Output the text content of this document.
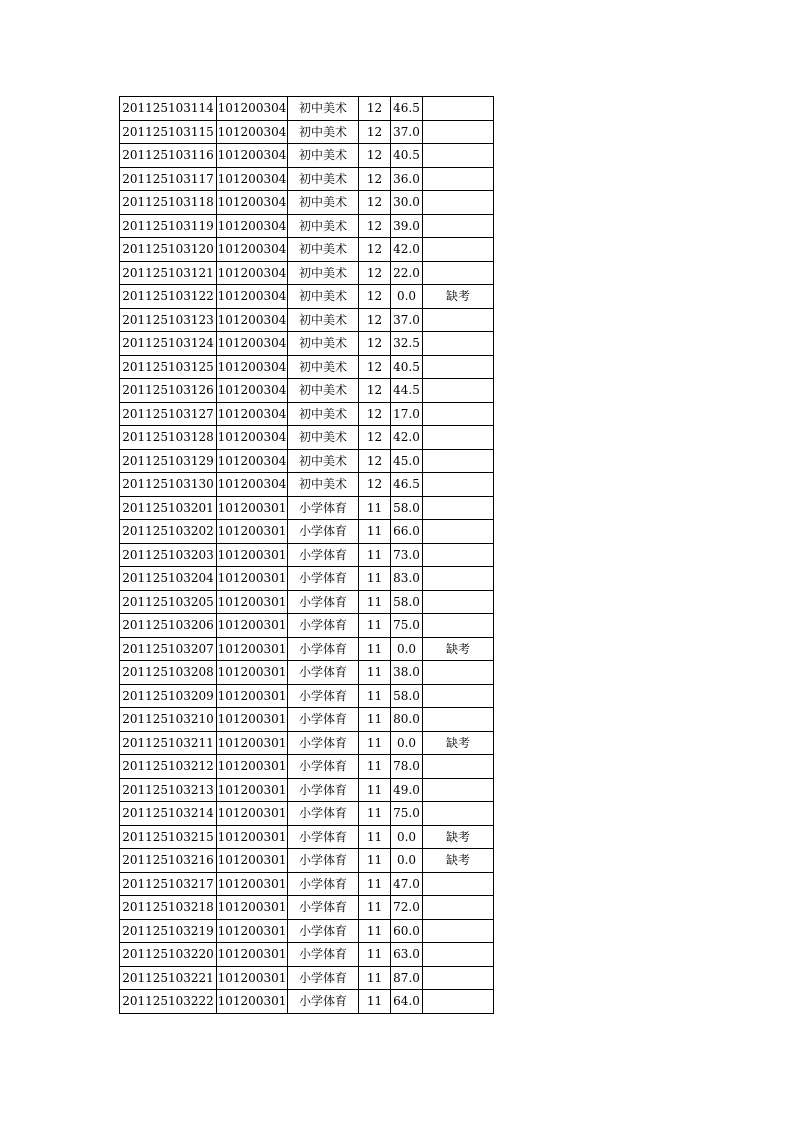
201125103114	101200304	初中美术	12	46.5	
201125103115	101200304	初中美术	12	37.0	
201125103116	101200304	初中美术	12	40.5	
201125103117	101200304	初中美术	12	36.0	
201125103118	101200304	初中美术	12	30.0	
201125103119	101200304	初中美术	12	39.0	
201125103120	101200304	初中美术	12	42.0	
201125103121	101200304	初中美术	12	22.0	
201125103122	101200304	初中美术	12	0.0	缺考
201125103123	101200304	初中美术	12	37.0	
201125103124	101200304	初中美术	12	32.5	
201125103125	101200304	初中美术	12	40.5	
201125103126	101200304	初中美术	12	44.5	
201125103127	101200304	初中美术	12	17.0	
201125103128	101200304	初中美术	12	42.0	
201125103129	101200304	初中美术	12	45.0	
201125103130	101200304	初中美术	12	46.5	
201125103201	101200301	小学体育	11	58.0	
201125103202	101200301	小学体育	11	66.0	
201125103203	101200301	小学体育	11	73.0	
201125103204	101200301	小学体育	11	83.0	
201125103205	101200301	小学体育	11	58.0	
201125103206	101200301	小学体育	11	75.0	
201125103207	101200301	小学体育	11	0.0	缺考
201125103208	101200301	小学体育	11	38.0	
201125103209	101200301	小学体育	11	58.0	
201125103210	101200301	小学体育	11	80.0	
201125103211	101200301	小学体育	11	0.0	缺考
201125103212	101200301	小学体育	11	78.0	
201125103213	101200301	小学体育	11	49.0	
201125103214	101200301	小学体育	11	75.0	
201125103215	101200301	小学体育	11	0.0	缺考
201125103216	101200301	小学体育	11	0.0	缺考
201125103217	101200301	小学体育	11	47.0	
201125103218	101200301	小学体育	11	72.0	
201125103219	101200301	小学体育	11	60.0	
201125103220	101200301	小学体育	11	63.0	
201125103221	101200301	小学体育	11	87.0	
201125103222	101200301	小学体育	11	64.0	
